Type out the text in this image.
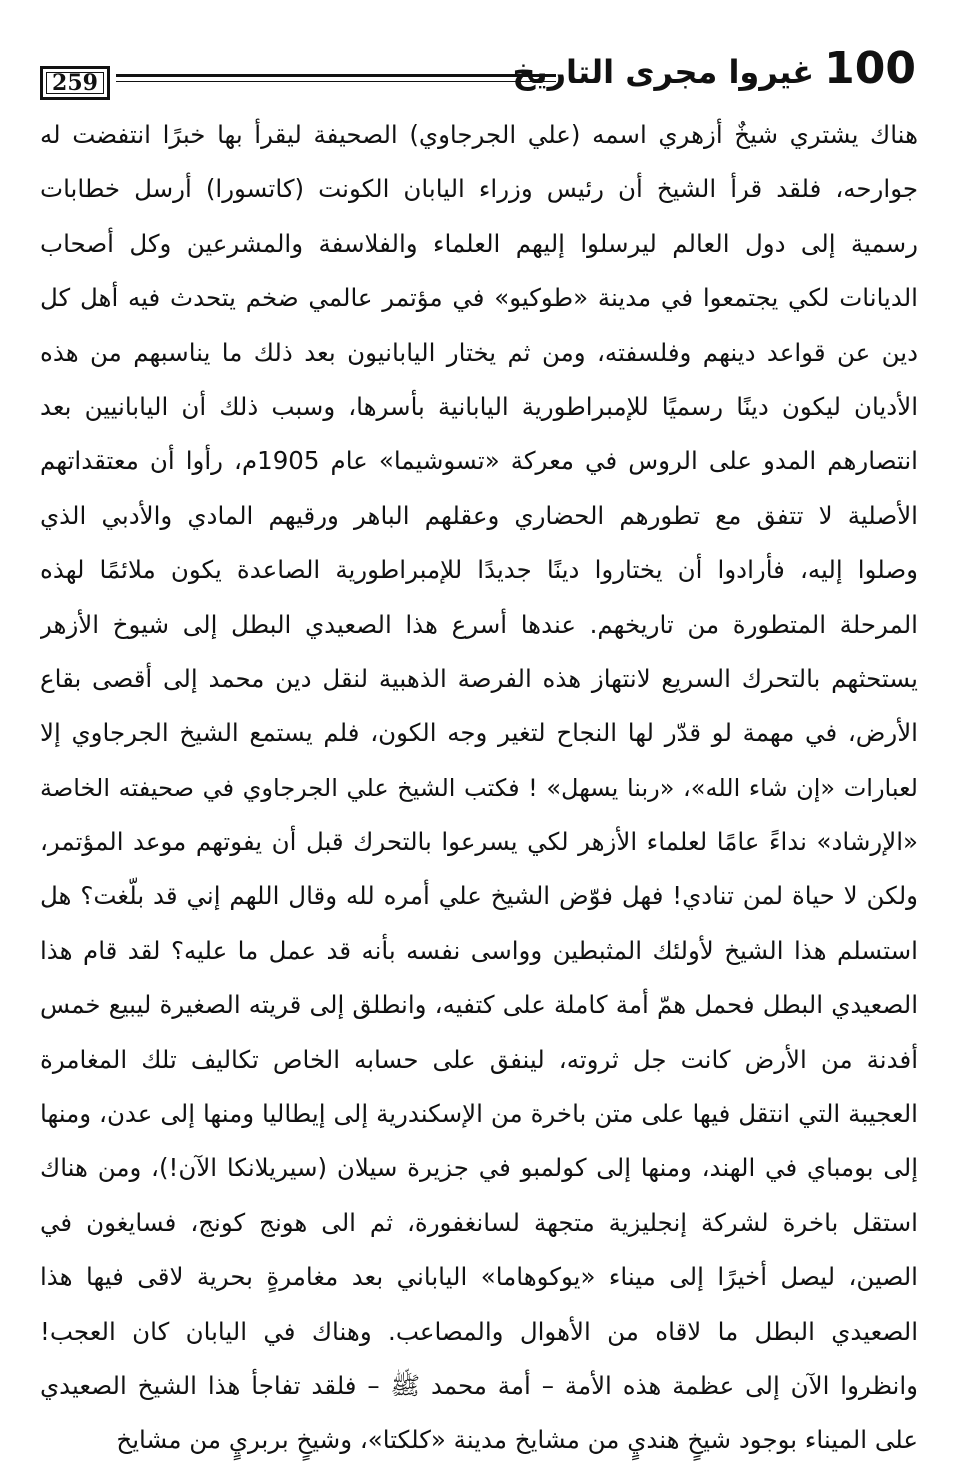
259	100
غيروا مجرى التاريخ
هناك يشتري شيخٌ أزهري اسمه (علي الجرجاوي) الصحيفة ليقرأ بها خبرًا انتفضت له
جوارحه، فلقد قرأ الشيخ أن رئيس وزراء اليابان الكونت (كاتسورا) أرسل خطابات
رسمية إلى دول العالم ليرسلوا إليهم العلماء والفلاسفة والمشرعين وكل أصحاب
الديانات لكي يجتمعوا في مدينة «طوكيو» في مؤتمر عالمي ضخم يتحدث فيه أهل كل
دين عن قواعد دينهم وفلسفته، ومن ثم يختار اليابانيون بعد ذلك ما يناسبهم من هذه
الأديان ليكون دينًا رسميًا للإمبراطورية اليابانية بأسرها، وسبب ذلك أن اليابانيين بعد
انتصارهم المدو على الروس في معركة «تسوشيما» عام 1905م، رأوا أن معتقداتهم
الأصلية لا تتفق مع تطورهم الحضاري وعقلهم الباهر ورقيهم المادي والأدبي الذي
وصلوا إليه، فأرادوا أن يختاروا دينًا جديدًا للإمبراطورية الصاعدة يكون ملائمًا لهذه
المرحلة المتطورة من تاريخهم. عندها أسرع هذا الصعيدي البطل إلى شيوخ الأزهر
يستحثهم بالتحرك السريع لانتهاز هذه الفرصة الذهبية لنقل دين محمد إلى أقصى بقاع
الأرض، في مهمة لو قدّر لها النجاح لتغير وجه الكون، فلم يستمع الشيخ الجرجاوي إلا
لعبارات «إن شاء الله»، «ربنا يسهل» ! فكتب الشيخ علي الجرجاوي في صحيفته الخاصة
«الإرشاد» نداءً عامًا لعلماء الأزهر لكي يسرعوا بالتحرك قبل أن يفوتهم موعد المؤتمر،
ولكن لا حياة لمن تنادي! فهل فوّض الشيخ علي أمره لله وقال اللهم إني قد بلّغت؟ هل
استسلم هذا الشيخ لأولئك المثبطين وواسى نفسه بأنه قد عمل ما عليه؟ لقد قام هذا
الصعيدي البطل فحمل همّ أمة كاملة على كتفيه، وانطلق إلى قريته الصغيرة ليبيع خمس
أفدنة من الأرض كانت جل ثروته، لينفق على حسابه الخاص تكاليف تلك المغامرة
العجيبة التي انتقل فيها على متن باخرة من الإسكندرية إلى إيطاليا ومنها إلى عدن، ومنها
إلى بومباي في الهند، ومنها إلى كولمبو في جزيرة سيلان (سيريلانكا الآن!)، ومن هناك
استقل باخرة لشركة إنجليزية متجهة لسانغفورة، ثم الى هونج كونج، فسايغون في
الصين، ليصل أخيرًا إلى ميناء «يوكوهاما» الياباني بعد مغامرةٍ بحرية لاقى فيها هذا
الصعيدي البطل ما لاقاه من الأهوال والمصاعب. وهناك في اليابان كان العجب!
وانظروا الآن إلى عظمة هذه الأمة – أمة محمد ﷺ – فلقد تفاجأ هذا الشيخ الصعيدي
على الميناء بوجود شيخٍ هنديٍ من مشايخ مدينة «كلكتا»، وشيخٍ بربريٍ من مشايخ
